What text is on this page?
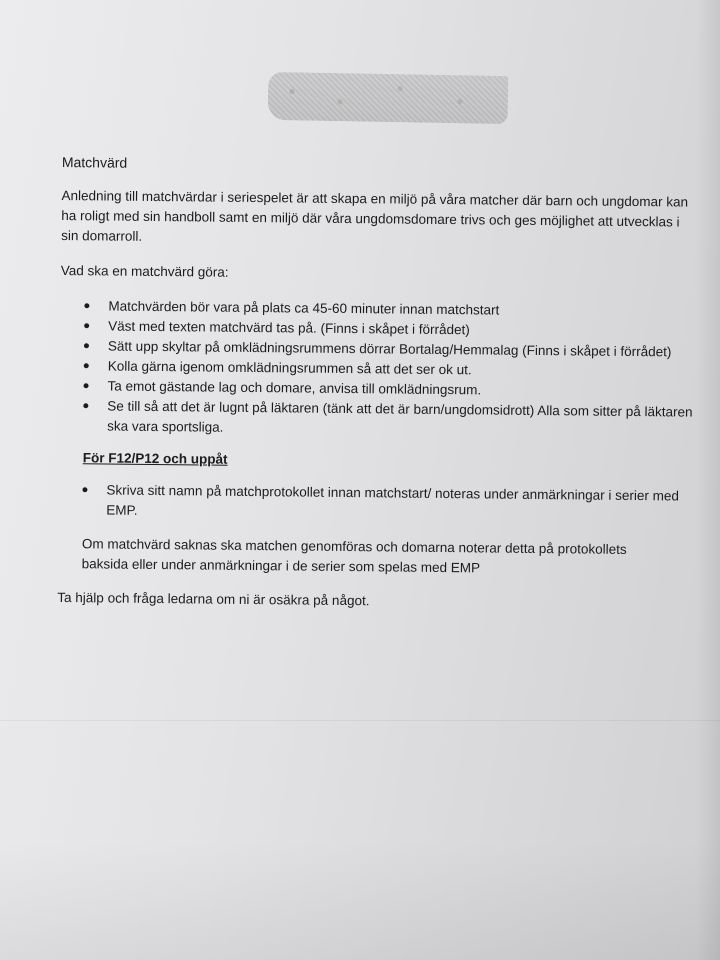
Matchvärd

Anledning till matchvärdar i seriespelet är att skapa en miljö på våra matcher där barn och ungdomar kan ha roligt med sin handboll samt en miljö där våra ungdomsdomare trivs och ges möjlighet att utvecklas i sin domarroll.

Vad ska en matchvärd göra:

Matchvärden bör vara på plats ca 45-60 minuter innan matchstart
Väst med texten matchvärd tas på. (Finns i skåpet i förrådet)
Sätt upp skyltar på omklädningsrummens dörrar Bortalag/Hemmalag (Finns i skåpet i förrådet)
Kolla gärna igenom omklädningsrummen så att det ser ok ut.
Ta emot gästande lag och domare, anvisa till omklädningsrum.
Se till så att det är lugnt på läktaren (tänk att det är barn/ungdomsidrott) Alla som sitter på läktaren ska vara sportsliga.

För F12/P12 och uppåt

Skriva sitt namn på matchprotokollet innan matchstart/ noteras under anmärkningar i serier med EMP.

Om matchvärd saknas ska matchen genomföras och domarna noterar detta på protokollets baksida eller under anmärkningar i de serier som spelas med EMP

Ta hjälp och fråga ledarna om ni är osäkra på något.
